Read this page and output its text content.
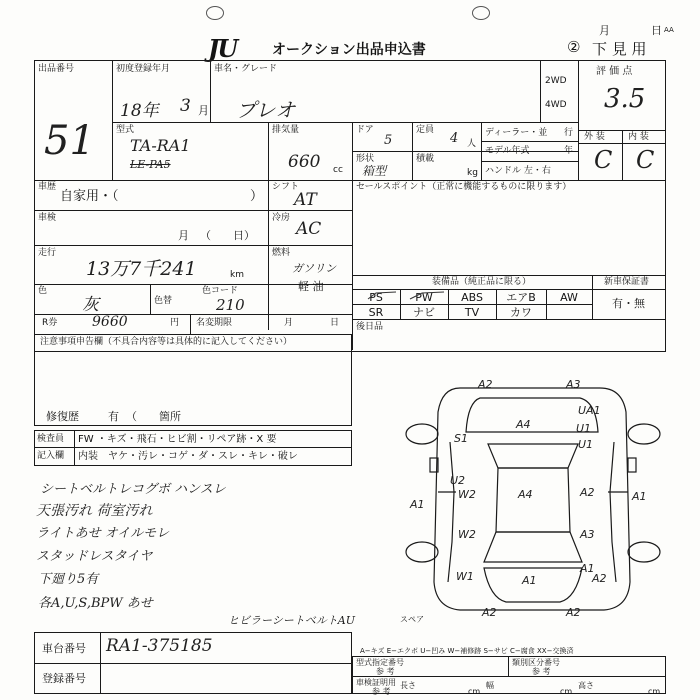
JU	オークション出品申込書
月	日 AA
② 下 見 用
出品番号
51
初度登録年月
18年 3 月
車名・グレード
プレオ
2WD
4WD
評 価 点
3.5
型式
TA-RA1
LE-PA5
排気量
660 cc
ドア
5
定員
4 人
ディーラー・並 行
モデル年式	年
ハンドル 左・右
形状
箱型
積載
kg
外 装	内 装
C C
車歴
自家用・（	）
シフト
AT
セールスポイント（正常に機能するものに限ります）
車検
月 （　　日）
冷房
AC
走行
13万7千241	km
燃料
ガソリン
軽 油
色
灰	色替
色コード
210
R券 9660	円 名変期限	月	日
装備品（純正品に限る）	新車保証書
PS	PW	ABS	エアB	AW
SR	ナビ	TV	カワ
有・無
後日品
注意事項申告欄（不具合内容等は具体的に記入してください）
修復歴	有 （　　箇所
検査員 FW ・キズ・飛石・ヒビ割・リペア跡・X 要
記入欄 内装 ヤケ・汚レ・コゲ・ダ・スレ・キレ・破レ
シートベルトレコグボ ハンスレ
天張汚れ 荷室汚れ
ライトあせ オイルモレ
スタッドレスタイヤ
下廻り5有
各A,U,S,BPW あせ
ヒビラーシートベルトAU
A2	A3
A4
UA1
U1
U1
S1
U2
W2	A4	A2
A1
A1
W2	A3
W1	A1	A2
A1
A2	A2
スペア
A−キズ E−エクボ U−凹み W−補修跡 S−サビ C−腐食 XX−交換済
車台番号 RA1-375185
登録番号
型式指定番号
参 考
類別区分番号
参 考
車検証明用
参 考
長さ
cm
幅
cm
高さ
cm
